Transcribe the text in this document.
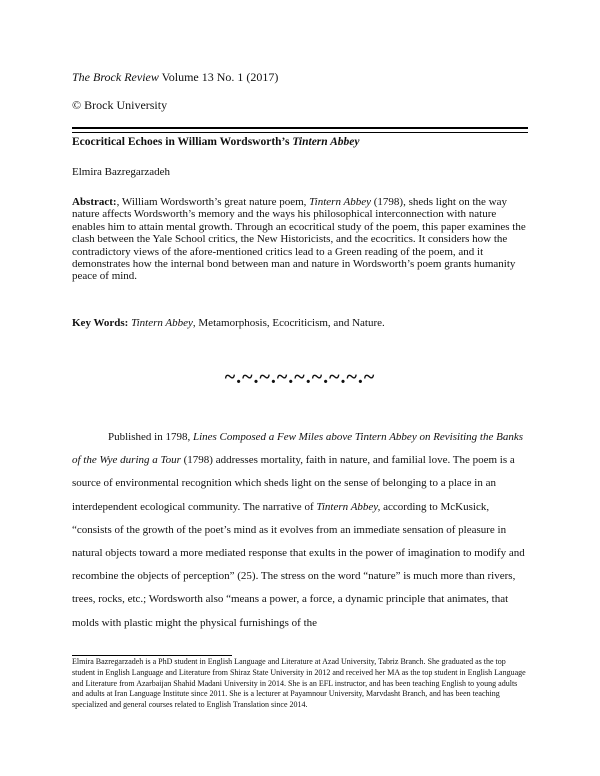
The Brock Review Volume 13 No. 1 (2017)
© Brock University
Ecocritical Echoes in William Wordsworth’s Tintern Abbey
Elmira Bazregarzadeh
Abstract:, William Wordsworth’s great nature poem, Tintern Abbey (1798), sheds light on the way nature affects Wordsworth’s memory and the ways his philosophical interconnection with nature enables him to attain mental growth. Through an ecocritical study of the poem, this paper examines the clash between the Yale School critics, the New Historicists, and the ecocritics. It considers how the contradictory views of the afore-mentioned critics lead to a Green reading of the poem, and it demonstrates how the internal bond between man and nature in Wordsworth’s poem grants humanity peace of mind.
Key Words: Tintern Abbey, Metamorphosis, Ecocriticism, and Nature.
~.~.~.~.~.~.~.~.~
Published in 1798, Lines Composed a Few Miles above Tintern Abbey on Revisiting the Banks of the Wye during a Tour (1798) addresses mortality, faith in nature, and familial love. The poem is a source of environmental recognition which sheds light on the sense of belonging to a place in an interdependent ecological community. The narrative of Tintern Abbey, according to McKusick, “consists of the growth of the poet’s mind as it evolves from an immediate sensation of pleasure in natural objects toward a more mediated response that exults in the power of imagination to modify and recombine the objects of perception” (25). The stress on the word “nature” is much more than rivers, trees, rocks, etc.; Wordsworth also “means a power, a force, a dynamic principle that animates, that molds with plastic might the physical furnishings of the
Elmira Bazregarzadeh is a PhD student in English Language and Literature at Azad University, Tabriz Branch. She graduated as the top student in English Language and Literature from Shiraz State University in 2012 and received her MA as the top student in English Language and Literature from Azarbaijan Shahid Madani University in 2014. She is an EFL instructor, and has been teaching English to young adults and adults at Iran Language Institute since 2011. She is a lecturer at Payamnour University, Marvdasht Branch, and has been teaching specialized and general courses related to English Translation since 2014.
